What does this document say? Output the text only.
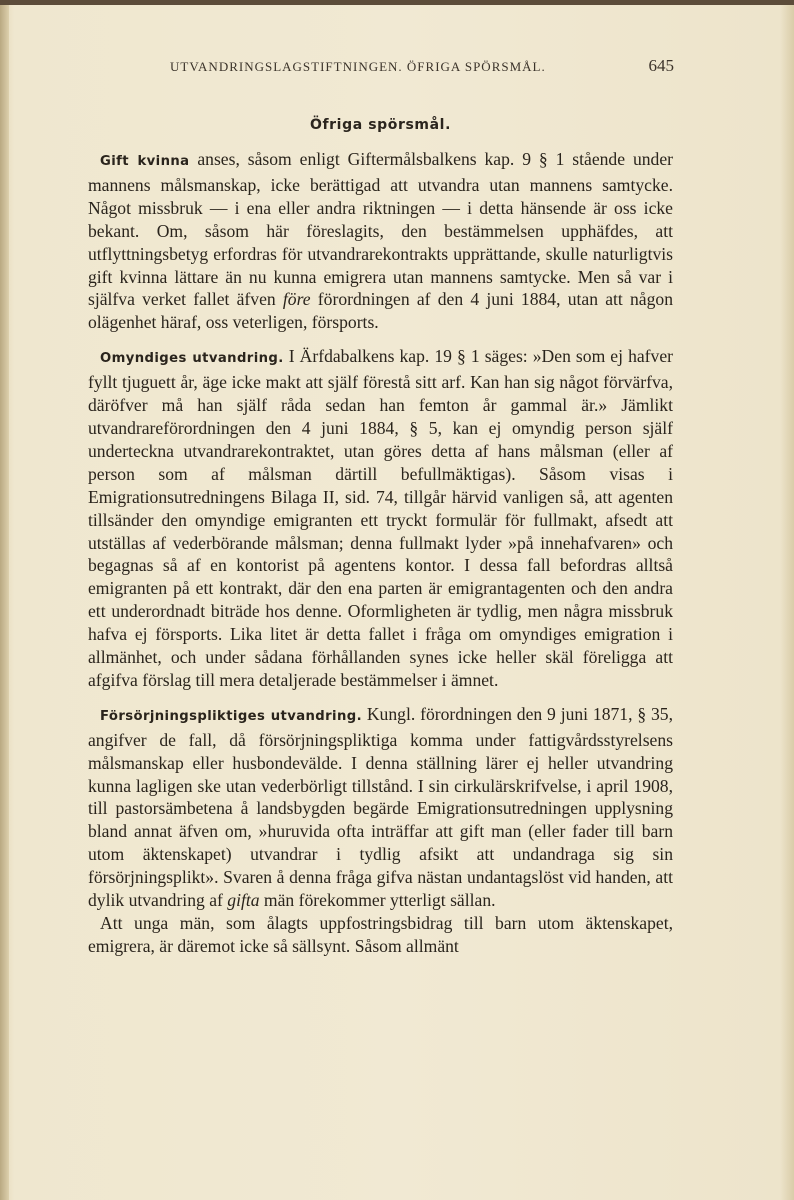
UTVANDRINGSLAGSTIFTNINGEN. ÖFRIGA SPÖRSMÅL.	645
Öfriga spörsmål.

Gift kvinna anses, såsom enligt Giftermålsbalkens kap. 9 § 1 stående under mannens målsmanskap, icke berättigad att utvandra utan mannens samtycke. Något missbruk — i ena eller andra riktningen — i detta hänsende är oss icke bekant. Om, såsom här föreslagits, den bestämmelsen upphäfdes, att utflyttningsbetyg erfordras för utvandrarekontrakts upprättande, skulle naturligtvis gift kvinna lättare än nu kunna emigrera utan mannens samtycke. Men så var i själfva verket fallet äfven före förordningen af den 4 juni 1884, utan att någon olägenhet häraf, oss veterligen, försports.

Omyndiges utvandring. I Ärfdabalkens kap. 19 § 1 säges: »Den som ej hafver fyllt tjuguett år, äge icke makt att själf förestå sitt arf. Kan han sig något förvärfva, däröfver må han själf råda sedan han femton år gammal är.» Jämlikt utvandrareförordningen den 4 juni 1884, § 5, kan ej omyndig person själf underteckna utvandrarekontraktet, utan göres detta af hans målsman (eller af person som af målsman därtill befullmäktigas). Såsom visas i Emigrationsutredningens Bilaga II, sid. 74, tillgår härvid vanligen så, att agenten tillsänder den omyndige emigranten ett tryckt formulär för fullmakt, afsedt att utställas af vederbörande målsman; denna fullmakt lyder »på innehafvaren» och begagnas så af en kontorist på agentens kontor. I dessa fall befordras alltså emigranten på ett kontrakt, där den ena parten är emigrantagenten och den andra ett underordnadt biträde hos denne. Oformligheten är tydlig, men några missbruk hafva ej försports. Lika litet är detta fallet i fråga om omyndiges emigration i allmänhet, och under sådana förhållanden synes icke heller skäl föreligga att afgifva förslag till mera detaljerade bestämmelser i ämnet.

Försörjningspliktiges utvandring. Kungl. förordningen den 9 juni 1871, § 35, angifver de fall, då försörjningspliktiga komma under fattigvårdsstyrelsens målsmanskap eller husbondevälde. I denna ställning lärer ej heller utvandring kunna lagligen ske utan vederbörligt tillstånd. I sin cirkulärskrifvelse, i april 1908, till pastorsämbetena å landsbygden begärde Emigrationsutredningen upplysning bland annat äfven om, »huruvida ofta inträffar att gift man (eller fader till barn utom äktenskapet) utvandrar i tydlig afsikt att undandraga sig sin försörjningsplikt». Svaren å denna fråga gifva nästan undantagslöst vid handen, att dylik utvandring af gifta män förekommer ytterligt sällan.

Att unga män, som ålagts uppfostringsbidrag till barn utom äktenskapet, emigrera, är däremot icke så sällsynt. Såsom allmänt
